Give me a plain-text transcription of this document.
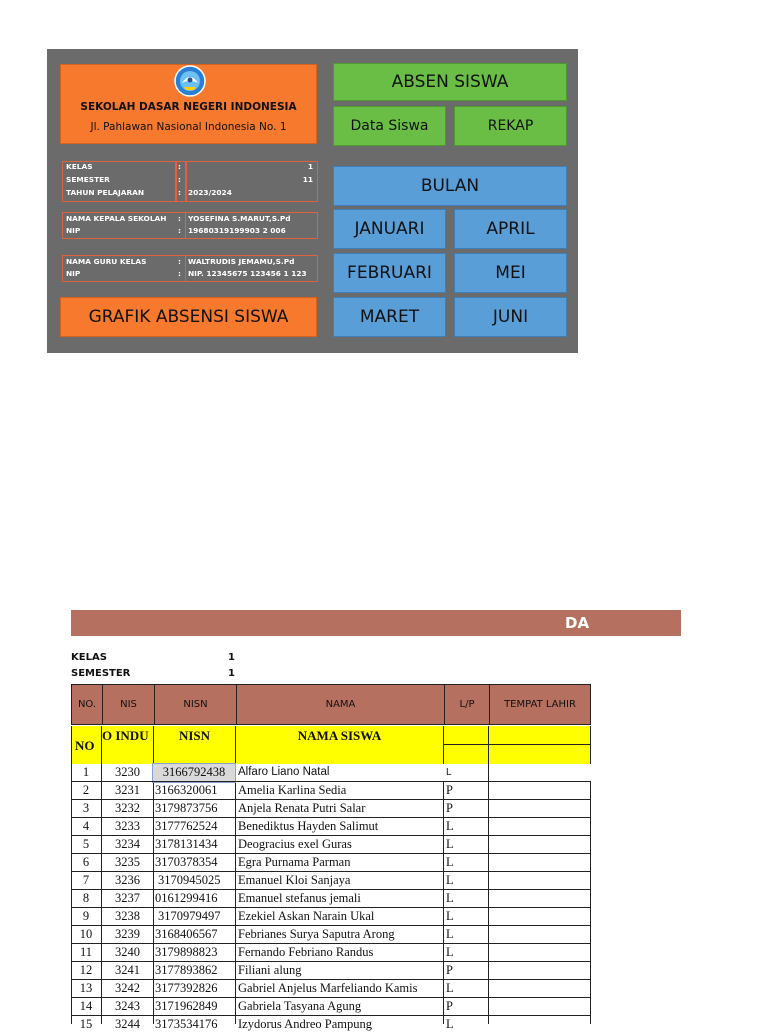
SEKOLAH DASAR NEGERI INDONESIA
Jl. Pahlawan Nasional Indonesia No. 1
KELAS	:	1
SEMESTER	:	11
TAHUN PELAJARAN	: 2023/2024
NAMA KEPALA SEKOLAH : YOSEFINA S.MARUT,S.Pd
NIP	: 19680319199903 2 006
NAMA GURU KELAS	: WALTRUDIS JEMAMU,S.Pd
NIP	: NIP. 12345675 123456 1 123
GRAFIK ABSENSI SISWA
ABSEN SISWA
Data Siswa	REKAP
BULAN
JANUARI	APRIL
FEBRUARI	MEI
MARET	JUNI
DA
KELAS	1
SEMESTER	1
NO.	NIS	NISN	NAMA	L/P	TEMPAT LAHIR
NO
O INDU	NISN	NAMA SISWA
1	3230	3166792438	Alfaro Liano Natal	L
2	3231	3166320061	Amelia Karlina Sedia	P
3	3232	3179873756	Anjela Renata Putri Salar	P
4	3233	3177762524	Benediktus Hayden Salimut	L
5	3234	3178131434	Deogracius exel Guras	L
6	3235	3170378354	Egra Purnama Parman	L
7	3236	3170945025	Emanuel Kloi Sanjaya	L
8	3237	0161299416	Emanuel stefanus jemali	L
9	3238	3170979497	Ezekiel Askan Narain Ukal	L
10	3239	3168406567	Febrianes Surya Saputra Arong	L
11	3240	3179898823	Fernando Febriano Randus	L
12	3241	3177893862	Filiani alung	P
13	3242	3177392826	Gabriel Anjelus Marfeliando Kamis	L
14	3243	3171962849	Gabriela Tasyana Agung	P
15	3244	3173534176	Izydorus Andreo Pampung	L
